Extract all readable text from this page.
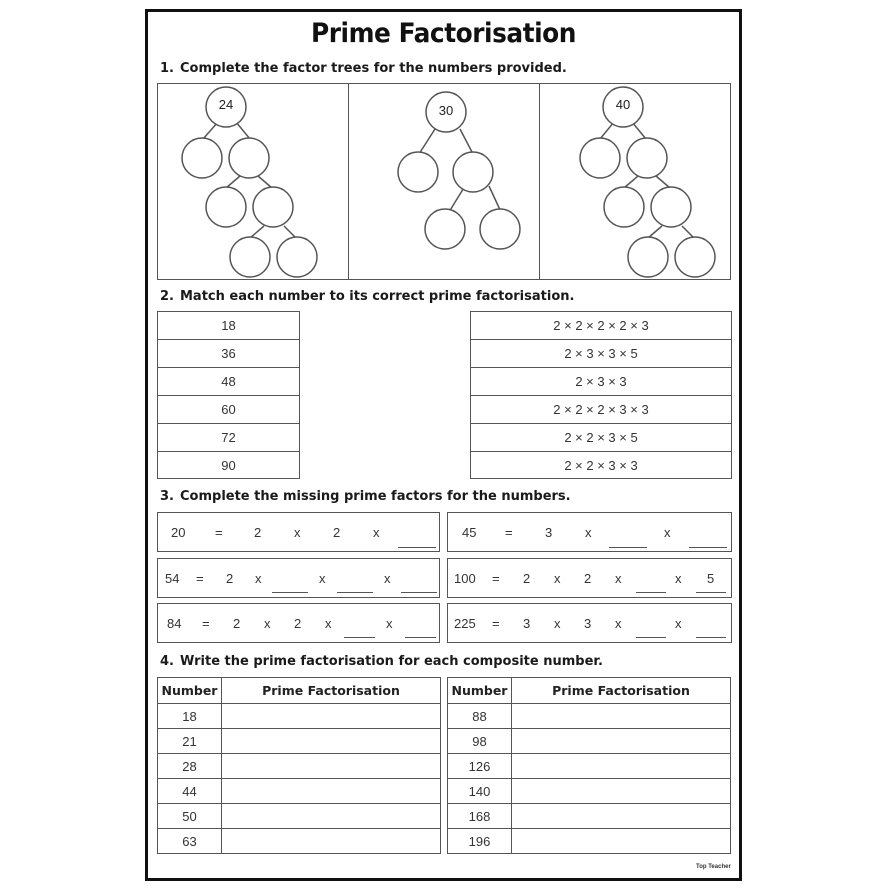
Prime Factorisation
1. Complete the factor trees for the numbers provided.
24	30	40
2. Match each number to its correct prime factorisation.
18
36
48
60
72
90
2 × 2 × 2 × 2 × 3
2 × 3 × 3 × 5
2 × 3 × 3
2 × 2 × 2 × 3 × 3
2 × 2 × 3 × 5
2 × 2 × 3 × 3
3. Complete the missing prime factors for the numbers.
20 = 2	x	2	x	45 = 3	x	x
54 = 2 x	x	x	100 = 2 x 2 x	x 5
84 = 2 x 2 x	x	225 = 3 x 3 x	x
4. Write the prime factorisation for each composite number.
Number	Prime Factorisation
18	
21	
28	
44	
50	
63	
Number	Prime Factorisation
88	
98	
126	
140	
168	
196	
Top Teacher
